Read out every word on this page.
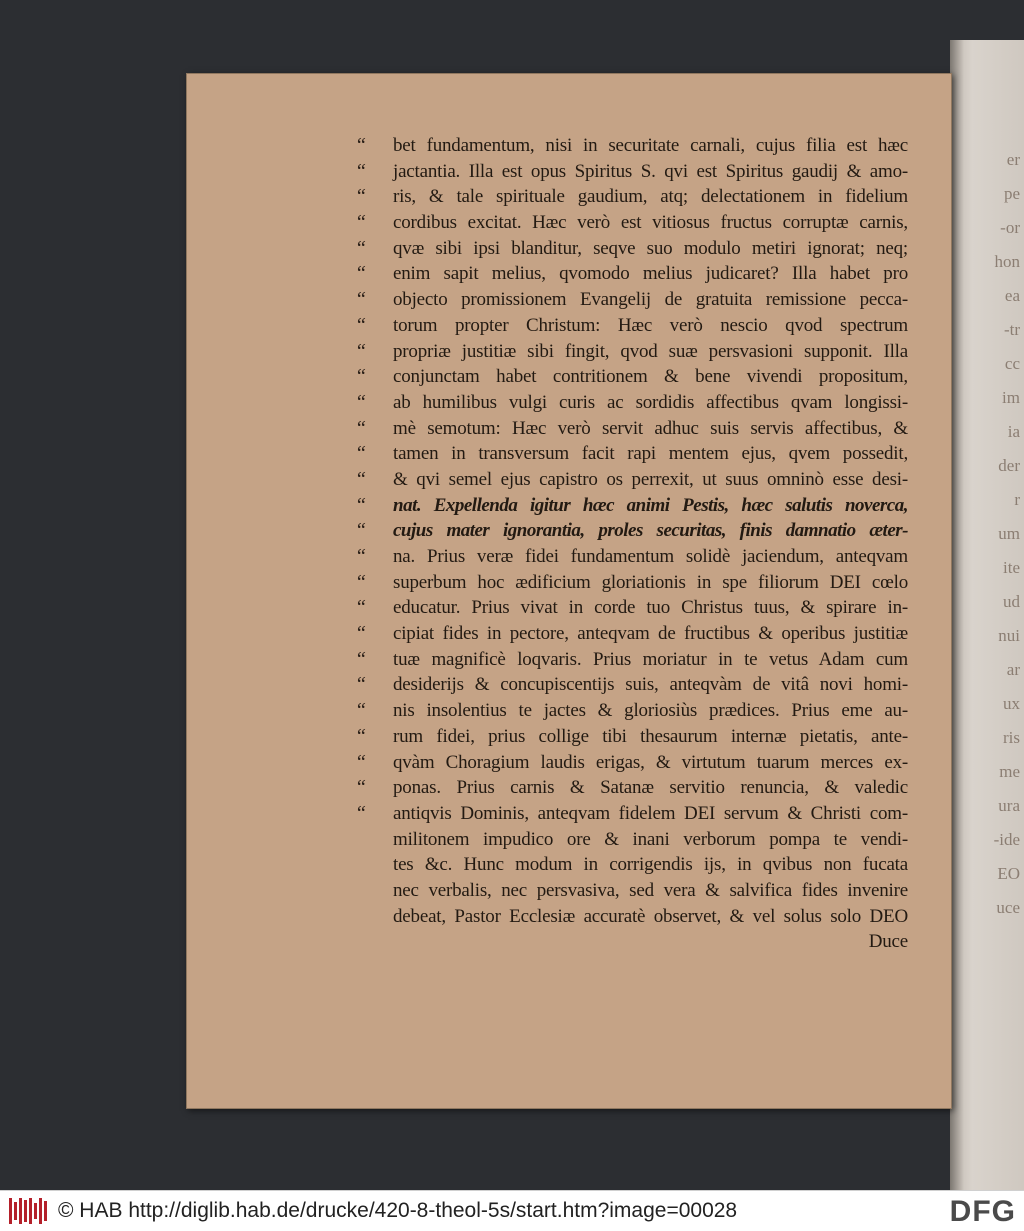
er
pe
-or
hon
ea
-tr
cc
im
ia
der
r
um
ite
ud
nui
ar
ux
ris
me
ura
-ide
EO
uce
“
“
“
“
“
“
“
“
“
“
“
“
“
“
“
“
“
“
“
“
“
“
“
“
“
“
“
bet fundamentum, nisi in securitate carnali, cujus filia est hæc
jactantia. Illa est opus Spiritus S. qvi est Spiritus gaudij & amo-
ris, & tale spirituale gaudium, atq; delectationem in fidelium
cordibus excitat. Hæc verò est vitiosus fructus corruptæ carnis,
qvæ sibi ipsi blanditur, seqve suo modulo metiri ignorat; neq;
enim sapit melius, qvomodo melius judicaret? Illa habet pro
objecto promissionem Evangelij de gratuita remissione pecca-
torum propter Christum: Hæc verò nescio qvod spectrum
propriæ justitiæ sibi fingit, qvod suæ persvasioni supponit. Illa
conjunctam habet contritionem & bene vivendi propositum,
ab humilibus vulgi curis ac sordidis affectibus qvam longissi-
mè semotum: Hæc verò servit adhuc suis servis affectibus, &
tamen in transversum facit rapi mentem ejus, qvem possedit,
& qvi semel ejus capistro os perrexit, ut suus omninò esse desi-
nat. Expellenda igitur hæc animi Pestis, hæc salutis noverca,
cujus mater ignorantia, proles securitas, finis damnatio æter-
na. Prius veræ fidei fundamentum solidè jaciendum, anteqvam
superbum hoc ædificium gloriationis in spe filiorum DEI cœlo
educatur. Prius vivat in corde tuo Christus tuus, & spirare in-
cipiat fides in pectore, anteqvam de fructibus & operibus justitiæ
tuæ magnificè loqvaris. Prius moriatur in te vetus Adam cum
desiderijs & concupiscentijs suis, anteqvàm de vitâ novi homi-
nis insolentius te jactes & gloriosiùs prædices. Prius eme au-
rum fidei, prius collige tibi thesaurum internæ pietatis, ante-
qvàm Choragium laudis erigas, & virtutum tuarum merces ex-
ponas. Prius carnis & Satanæ servitio renuncia, & valedic
antiqvis Dominis, anteqvam fidelem DEI servum & Christi com-
militonem impudico ore & inani verborum pompa te vendi-
tes &c. Hunc modum in corrigendis ijs, in qvibus non fucata
nec verbalis, nec persvasiva, sed vera & salvifica fides invenire
debeat, Pastor Ecclesiæ accuratè observet, & vel solus solo DEO
Duce
© HAB http://diglib.hab.de/drucke/420-8-theol-5s/start.htm?image=00028	DFG
